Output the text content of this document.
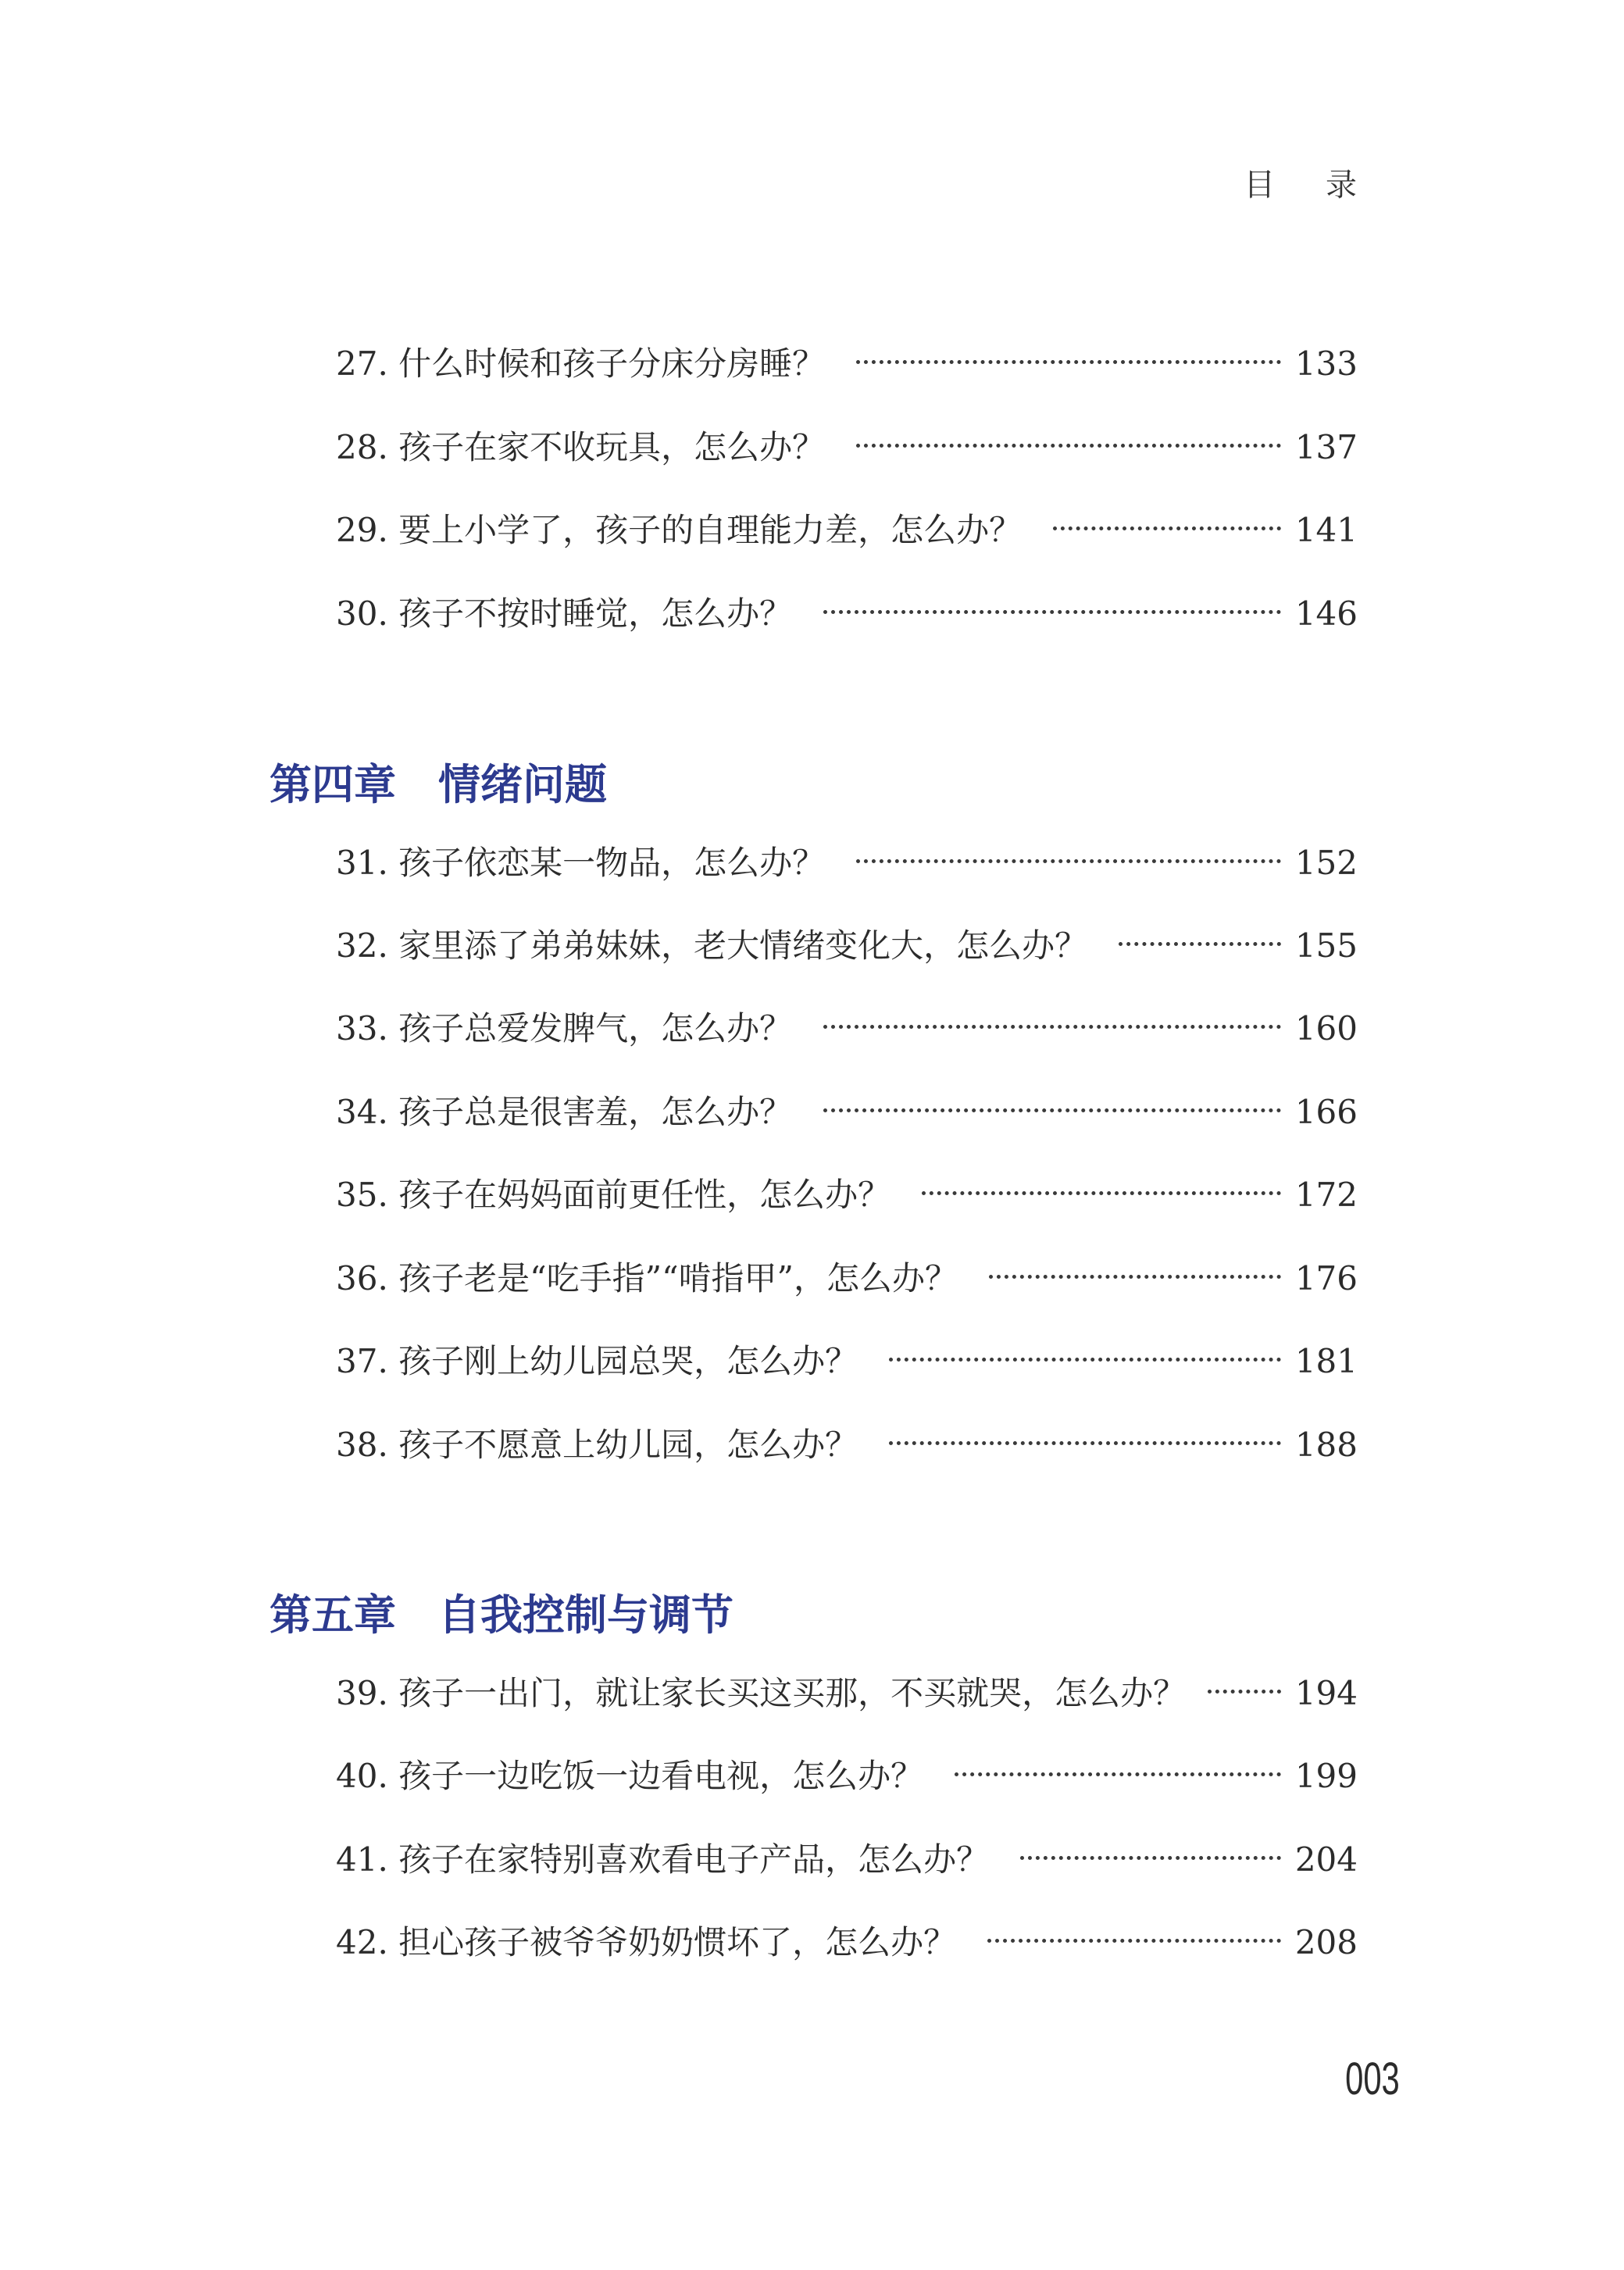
目 录
27. 什么时候和孩子分床分房睡？	133
28. 孩子在家不收玩具，怎么办？	137
29. 要上小学了，孩子的自理能力差，怎么办？	141
30. 孩子不按时睡觉，怎么办？	146
第四章　情绪问题
31. 孩子依恋某一物品，怎么办？	152
32. 家里添了弟弟妹妹，老大情绪变化大，怎么办？	155
33. 孩子总爱发脾气，怎么办？	160
34. 孩子总是很害羞，怎么办？	166
35. 孩子在妈妈面前更任性，怎么办？	172
36. 孩子老是“吃手指”“啃指甲”，怎么办？	176
37. 孩子刚上幼儿园总哭，怎么办？	181
38. 孩子不愿意上幼儿园，怎么办？	188
第五章　自我控制与调节
39. 孩子一出门，就让家长买这买那，不买就哭，怎么办？	194
40. 孩子一边吃饭一边看电视，怎么办？	199
41. 孩子在家特别喜欢看电子产品，怎么办？	204
42. 担心孩子被爷爷奶奶惯坏了，怎么办？	208
003
